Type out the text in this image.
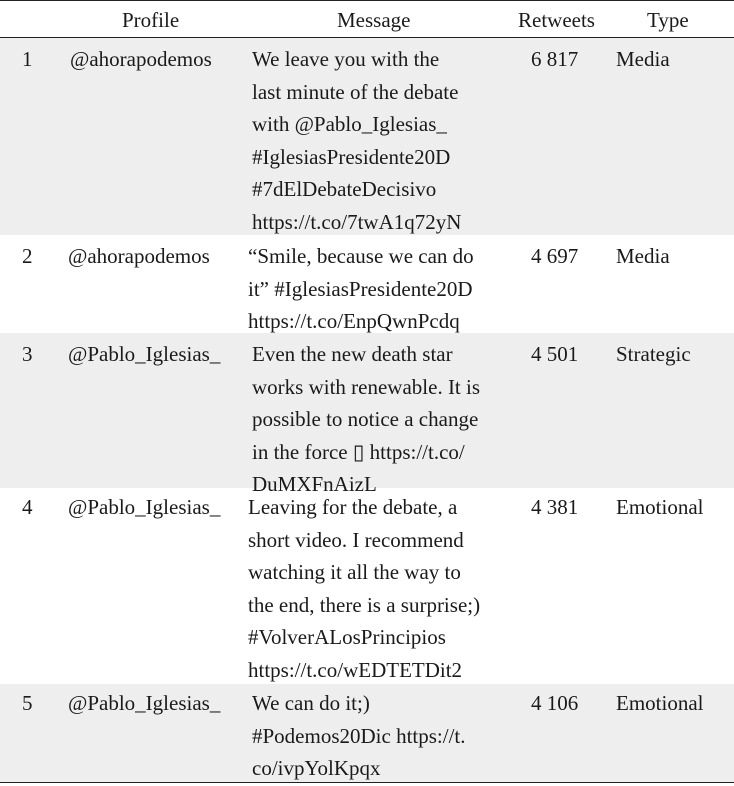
Profile	Message	Retweets Type
1 @ahorapodemos We leave you with the
last minute of the debate
with @Pablo_Iglesias_
#IglesiasPresidente20D
#7dElDebateDecisivo
https://t.co/7twA1q72yN
6 817 Media
2 @ahorapodemos “Smile, because we can do
it” #IglesiasPresidente20D
https://t.co/EnpQwnPcdq
4 697 Media
3 @Pablo_Iglesias_ Even the new death star
works with renewable. It is
possible to notice a change
in the force ▯ https://t.co/
DuMXFnAizL
4 501 Strategic
4 @Pablo_Iglesias_ Leaving for the debate, a
short video. I recommend
watching it all the way to
the end, there is a surprise;)
#VolverALosPrincipios
https://t.co/wEDTETDit2
4 381 Emotional
5 @Pablo_Iglesias_ We can do it;)
#Podemos20Dic https://t.
co/ivpYolKpqx
4 106 Emotional
